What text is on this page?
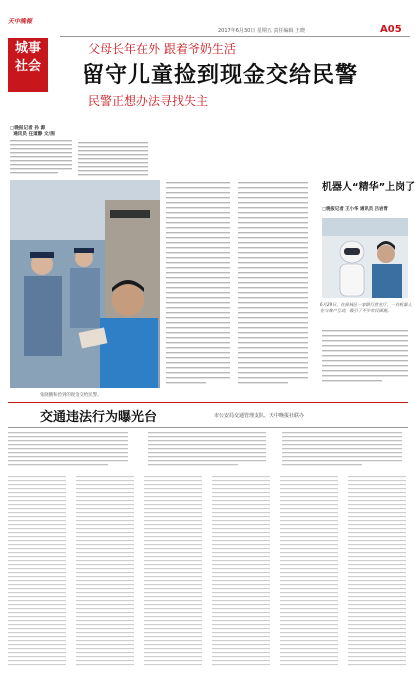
天中晚報
城事
社会
2017年6月30日 星期五 责任编辑 王晓	A05
父母长年在外 跟着爷奶生活
留守儿童捡到现金交给民警
民警正想办法寻找失主
□晚报记者 孙 源
通讯员 任道静 文/图
张晓鹏和捡到的现金交给民警。
机器人“精华”上岗了
□晚报记者 王小华 通讯员 吕岩青
6月29日，在驿城区一家银行营业厅，一台机器人在与客户互动，吸引了不少市民围观。
交通违法行为曝光台	市公安局交通管理支队、天中晚报社联办
